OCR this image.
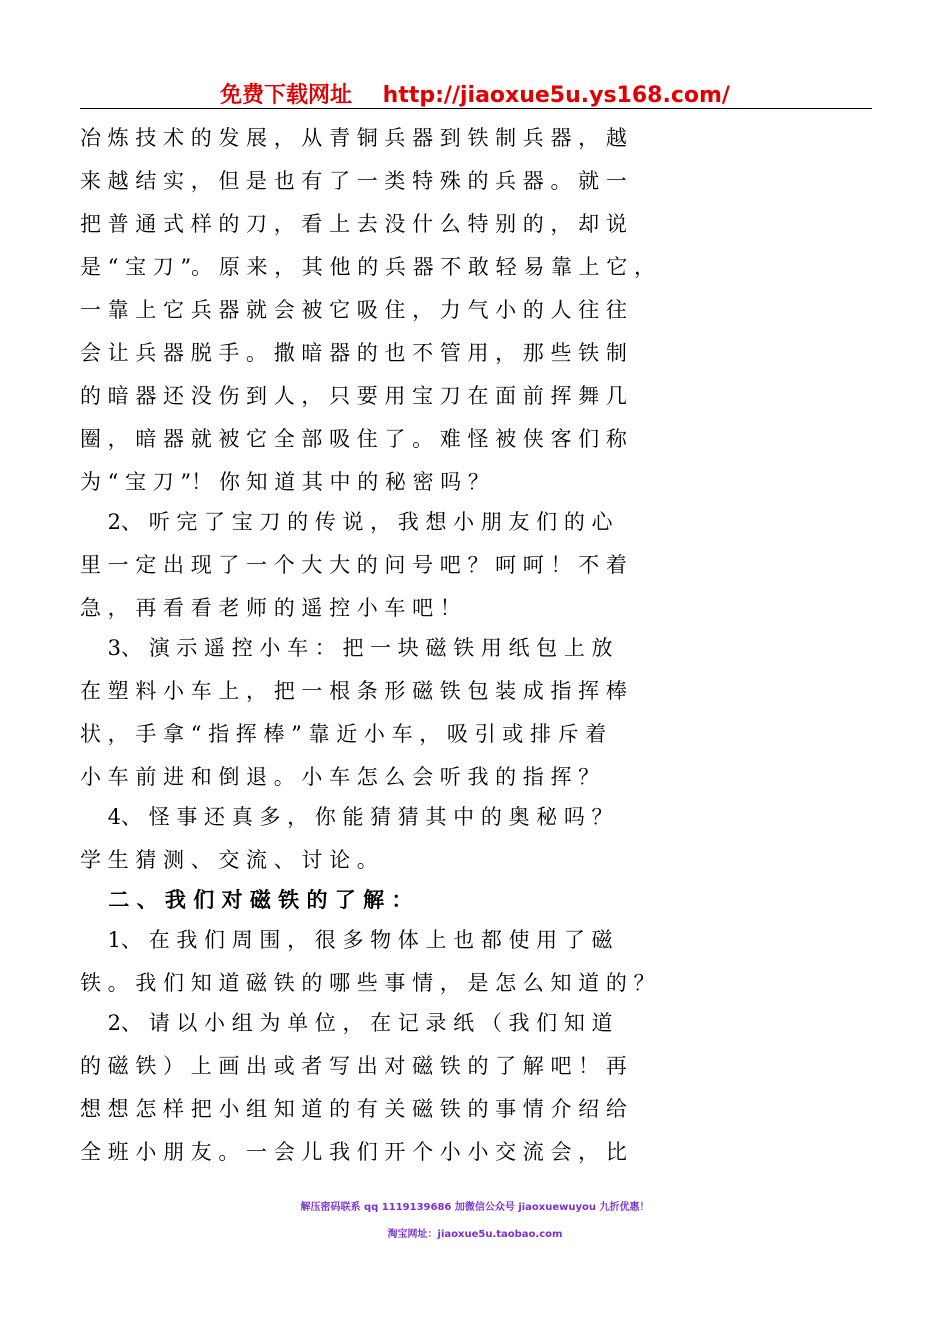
免费下载网址 http://jiaoxue5u.ys168.com/
冶 炼 技 术 的 发 展 ， 从 青 铜 兵 器 到 铁 制 兵 器 ， 越
来 越 结 实 ， 但 是 也 有 了 一 类 特 殊 的 兵 器 。 就 一
把 普 通 式 样 的 刀 ， 看 上 去 没 什 么 特 别 的 ， 却 说
是 “ 宝 刀 ”。 原 来 ， 其 他 的 兵 器 不 敢 轻 易 靠 上 它 ，
一 靠 上 它 兵 器 就 会 被 它 吸 住 ， 力 气 小 的 人 往 往
会 让 兵 器 脱 手 。 撒 暗 器 的 也 不 管 用 ， 那 些 铁 制
的 暗 器 还 没 伤 到 人 ， 只 要 用 宝 刀 在 面 前 挥 舞 几
圈 ， 暗 器 就 被 它 全 部 吸 住 了 。 难 怪 被 侠 客 们 称
为 “ 宝 刀 ”！ 你 知 道 其 中 的 秘 密 吗 ？
　 2、 听 完 了 宝 刀 的 传 说 ， 我 想 小 朋 友 们 的 心
里 一 定 出 现 了 一 个 大 大 的 问 号 吧 ？ 呵 呵 ！ 不 着
急 ， 再 看 看 老 师 的 遥 控 小 车 吧 ！
　 3、 演 示 遥 控 小 车 ： 把 一 块 磁 铁 用 纸 包 上 放
在 塑 料 小 车 上 ， 把 一 根 条 形 磁 铁 包 装 成 指 挥 棒
状 ， 手 拿 “ 指 挥 棒 ” 靠 近 小 车 ， 吸 引 或 排 斥 着
小 车 前 进 和 倒 退 。 小 车 怎 么 会 听 我 的 指 挥 ？
　 4、 怪 事 还 真 多 ， 你 能 猜 猜 其 中 的 奥 秘 吗 ？
学 生 猜 测 、 交 流 、 讨 论 。
　 二 、 我 们 对 磁 铁 的 了 解 ：
　 1、 在 我 们 周 围 ， 很 多 物 体 上 也 都 使 用 了 磁
铁 。 我 们 知 道 磁 铁 的 哪 些 事 情 ， 是 怎 么 知 道 的 ？
　 2、 请 以 小 组 为 单 位 ， 在 记 录 纸 （ 我 们 知 道
的 磁 铁 ） 上 画 出 或 者 写 出 对 磁 铁 的 了 解 吧 ！ 再
想 想 怎 样 把 小 组 知 道 的 有 关 磁 铁 的 事 情 介 绍 给
全 班 小 朋 友 。 一 会 儿 我 们 开 个 小 小 交 流 会 ， 比
解压密码联系 qq 1119139686 加微信公众号 jiaoxuewuyou 九折优惠！
淘宝网址：jiaoxue5u.taobao.com
